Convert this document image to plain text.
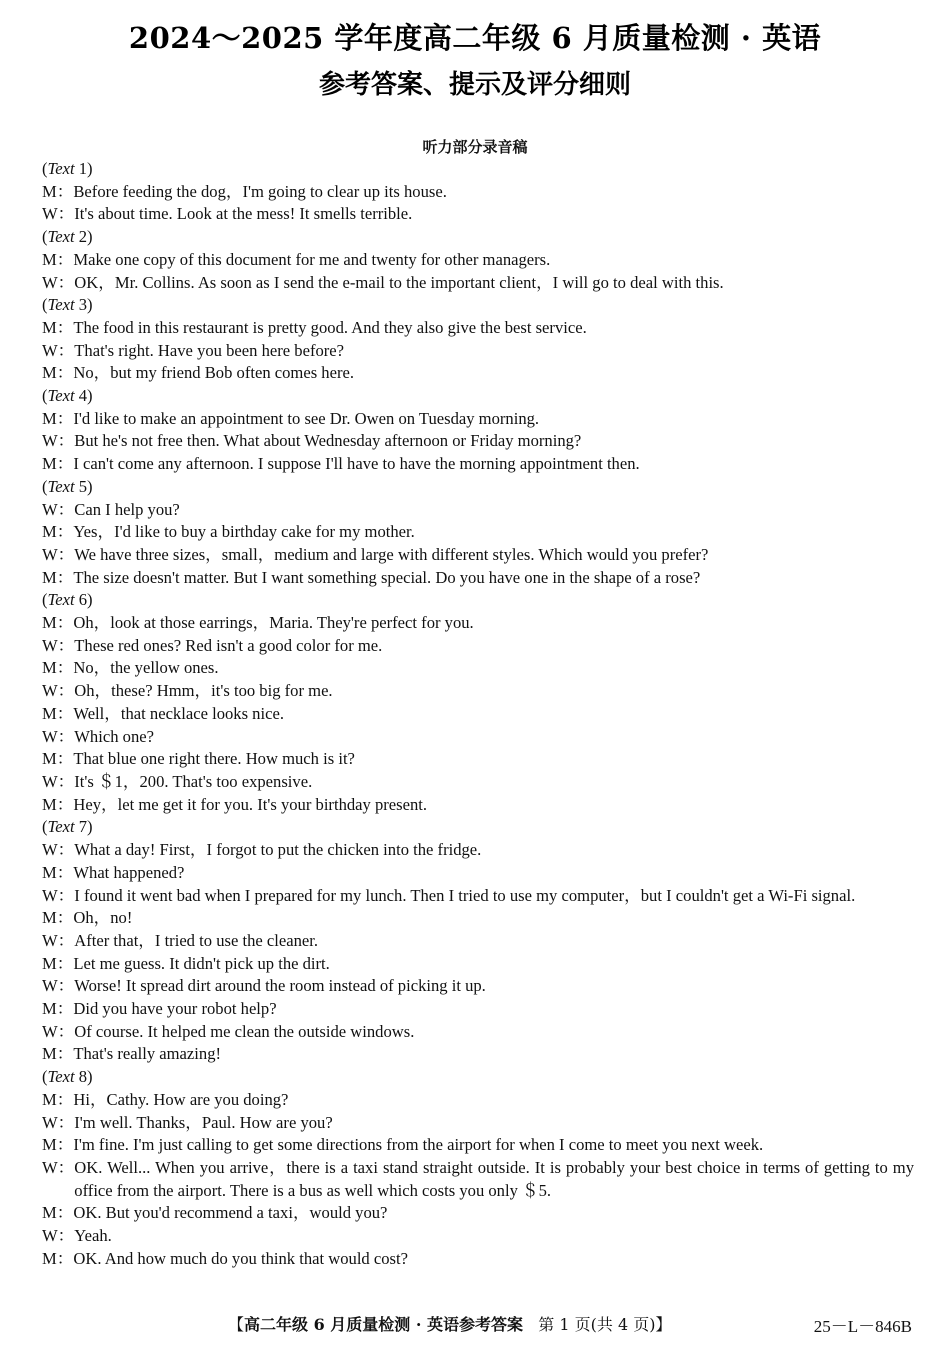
2024～2025 学年度高二年级 6 月质量检测 · 英语
参考答案、提示及评分细则
听力部分录音稿
(Text 1)
M： Before feeding the dog，I'm going to clear up its house.
W： It's about time. Look at the mess! It smells terrible.
(Text 2)
M： Make one copy of this document for me and twenty for other managers.
W： OK，Mr. Collins. As soon as I send the e-mail to the important client，I will go to deal with this.
(Text 3)
M： The food in this restaurant is pretty good. And they also give the best service.
W： That's right. Have you been here before?
M： No，but my friend Bob often comes here.
(Text 4)
M： I'd like to make an appointment to see Dr. Owen on Tuesday morning.
W： But he's not free then. What about Wednesday afternoon or Friday morning?
M： I can't come any afternoon. I suppose I'll have to have the morning appointment then.
(Text 5)
W： Can I help you?
M： Yes，I'd like to buy a birthday cake for my mother.
W： We have three sizes，small，medium and large with different styles. Which would you prefer?
M： The size doesn't matter. But I want something special. Do you have one in the shape of a rose?
(Text 6)
M： Oh，look at those earrings，Maria. They're perfect for you.
W： These red ones? Red isn't a good color for me.
M： No，the yellow ones.
W： Oh，these? Hmm，it's too big for me.
M： Well，that necklace looks nice.
W： Which one?
M： That blue one right there. How much is it?
W： It's ＄1，200. That's too expensive.
M： Hey，let me get it for you. It's your birthday present.
(Text 7)
W： What a day! First，I forgot to put the chicken into the fridge.
M： What happened?
W： I found it went bad when I prepared for my lunch. Then I tried to use my computer，but I couldn't get a Wi-Fi signal.
M： Oh，no!
W： After that，I tried to use the cleaner.
M： Let me guess. It didn't pick up the dirt.
W： Worse! It spread dirt around the room instead of picking it up.
M： Did you have your robot help?
W： Of course. It helped me clean the outside windows.
M： That's really amazing!
(Text 8)
M： Hi，Cathy. How are you doing?
W： I'm well. Thanks，Paul. How are you?
M： I'm fine. I'm just calling to get some directions from the airport for when I come to meet you next week.
W： OK. Well... When you arrive，there is a taxi stand straight outside. It is probably your best choice in terms of getting to my office from the airport. There is a bus as well which costs you only ＄5.
M： OK. But you'd recommend a taxi，would you?
W： Yeah.
M： OK. And how much do you think that would cost?
【高二年级 6 月质量检测 · 英语参考答案 第 1 页(共 4 页)】	25－L－846B
